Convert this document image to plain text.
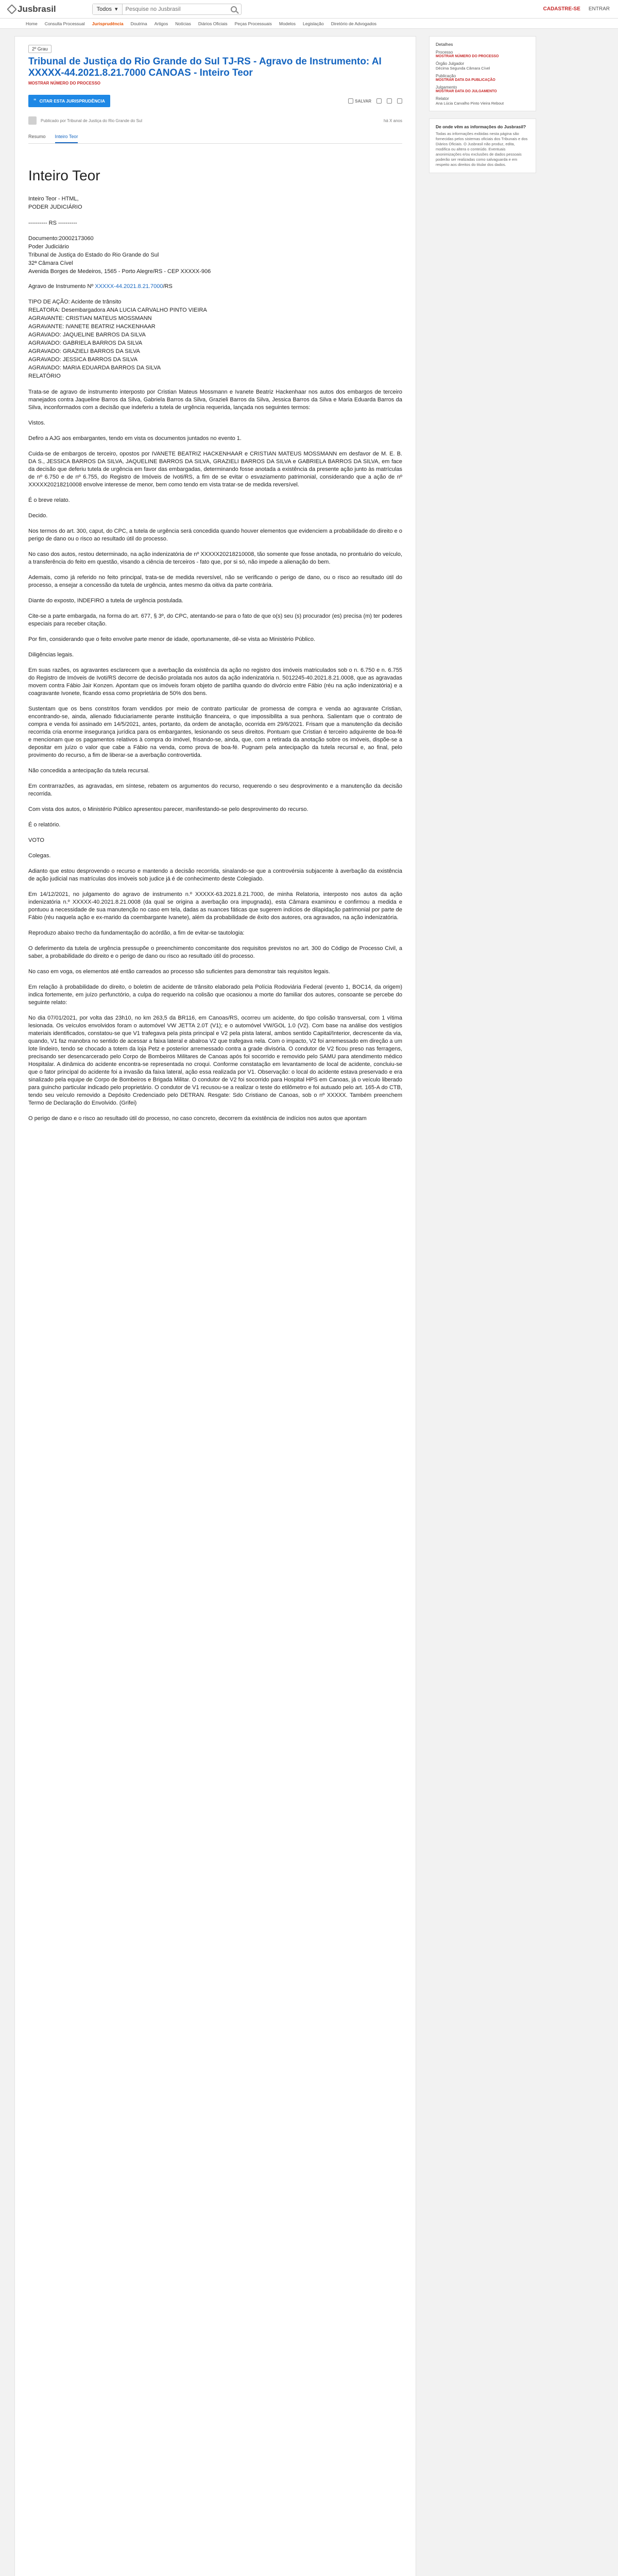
Jusbrasil	Todos ▾
Pesquise no Jusbrasil	CADASTRE-SE ENTRAR
Home Consulta Processual Jurisprudência Doutrina Artigos Notícias Diários Oficiais Peças Processuais Modelos Legislação Diretório de Advogados
2º Grau
Tribunal de Justiça do Rio Grande do Sul TJ-RS - Agravo de Instrumento: AI XXXXX-44.2021.8.21.7000 CANOAS - Inteiro Teor
MOSTRAR NÚMERO DO PROCESSO
“ CITAR ESTA JURISPRUDÊNCIA	SALVAR
Publicado por Tribunal de Justiça do Rio Grande do Sul	há X anos
Resumo Inteiro Teor
Inteiro Teor

Inteiro Teor - HTML,

PODER JUDICIÁRIO

---------- RS ----------

Documento:20002173060

Poder Judiciário

Tribunal de Justiça do Estado do Rio Grande do Sul

32ª Câmara Cível

Avenida Borges de Medeiros, 1565 - Porto Alegre/RS - CEP XXXXX-906

Agravo de Instrumento Nº XXXXX-44.2021.8.21.7000/RS

TIPO DE AÇÃO: Acidente de trânsito

RELATORA: Desembargadora ANA LUCIA CARVALHO PINTO VIEIRA

AGRAVANTE: CRISTIAN MATEUS MOSSMANN

AGRAVANTE: IVANETE BEATRIZ HACKENHAAR

AGRAVADO: JAQUELINE BARROS DA SILVA

AGRAVADO: GABRIELA BARROS DA SILVA

AGRAVADO: GRAZIELI BARROS DA SILVA

AGRAVADO: JESSICA BARROS DA SILVA

AGRAVADO: MARIA EDUARDA BARROS DA SILVA

RELATÓRIO

Trata-se de agravo de instrumento interposto por Cristian Mateus Mossmann e Ivanete Beatriz Hackenhaar nos autos dos embargos de terceiro manejados contra Jaqueline Barros da Silva, Gabriela Barros da Silva, Grazieli Barros da Silva, Jessica Barros da Silva e Maria Eduarda Barros da Silva, inconformados com a decisão que indeferiu a tutela de urgência requerida, lançada nos seguintes termos:

Vistos.

Defiro a AJG aos embargantes, tendo em vista os documentos juntados no evento 1.

Cuida-se de embargos de terceiro, opostos por IVANETE BEATRIZ HACKENHAAR e CRISTIAN MATEUS MOSSMANN em desfavor de M. E. B. DA S., JESSICA BARROS DA SILVA, JAQUELINE BARROS DA SILVA, GRAZIELI BARROS DA SILVA e GABRIELA BARROS DA SILVA, em face da decisão que deferiu tutela de urgência em favor das embargadas, determinando fosse anotada a existência da presente ação junto às matrículas de nº 6.750 e de nº 6.755, do Registro de Imóveis de Ivoti/RS, a fim de se evitar o esvaziamento patrimonial, considerando que a ação de nº XXXXX20218210008 envolve interesse de menor, bem como tendo em vista tratar-se de medida reversível.

É o breve relato.

Decido.

Nos termos do art. 300, caput, do CPC, a tutela de urgência será concedida quando houver elementos que evidenciem a probabilidade do direito e o perigo de dano ou o risco ao resultado útil do processo.

No caso dos autos, restou determinado, na ação indenizatória de nº XXXXX20218210008, tão somente que fosse anotada, no prontuário do veículo, a transferência do feito em questão, visando a ciência de terceiros - fato que, por si só, não impede a alienação do bem.

Ademais, como já referido no feito principal, trata-se de medida reversível, não se verificando o perigo de dano, ou o risco ao resultado útil do processo, a ensejar a concessão da tutela de urgência, antes mesmo da oitiva da parte contrária.

Diante do exposto, INDEFIRO a tutela de urgência postulada.

Cite-se a parte embargada, na forma do art. 677, § 3º, do CPC, atentando-se para o fato de que o(s) seu (s) procurador (es) precisa (m) ter poderes especiais para receber citação.

Por fim, considerando que o feito envolve parte menor de idade, oportunamente, dê-se vista ao Ministério Público.

Diligências legais.

Em suas razões, os agravantes esclarecem que a averbação da existência da ação no registro dos imóveis matriculados sob o n. 6.750 e n. 6.755 do Registro de Imóveis de Ivoti/RS decorre de decisão prolatada nos autos da ação indenizatória n. 5012245-40.2021.8.21.0008, que as agravadas movem contra Fábio Jair Konzen. Apontam que os imóveis foram objeto de partilha quando do divórcio entre Fábio (réu na ação indenizatória) e a coagravante Ivonete, ficando essa como proprietária de 50% dos bens.

Sustentam que os bens constritos foram vendidos por meio de contrato particular de promessa de compra e venda ao agravante Cristian, encontrando-se, ainda, alienado fiduciariamente perante instituição financeira, o que impossibilita a sua penhora. Salientam que o contrato de compra e venda foi assinado em 14/5/2021, antes, portanto, da ordem de anotação, ocorrida em 29/6/2021. Frisam que a manutenção da decisão recorrida cria enorme insegurança jurídica para os embargantes, lesionando os seus direitos. Pontuam que Cristian é terceiro adquirente de boa-fé e mencionam que os pagamentos relativos à compra do imóvel, frisando-se, ainda, que, com a retirada da anotação sobre os imóveis, dispõe-se a depositar em juízo o valor que cabe a Fábio na venda, como prova de boa-fé. Pugnam pela antecipação da tutela recursal e, ao final, pelo provimento do recurso, a fim de liberar-se a averbação controvertida.

Não concedida a antecipação da tutela recursal.

Em contrarrazões, as agravadas, em síntese, rebatem os argumentos do recurso, requerendo o seu desprovimento e a manutenção da decisão recorrida.

Com vista dos autos, o Ministério Público apresentou parecer, manifestando-se pelo desprovimento do recurso.

É o relatório.

VOTO

Colegas.

Adianto que estou desprovendo o recurso e mantendo a decisão recorrida, sinalando-se que a controvérsia subjacente à averbação da existência de ação judicial nas matrículas dos imóveis sob judice já é de conhecimento deste Colegiado.

Em 14/12/2021, no julgamento do agravo de instrumento n.º XXXXX-63.2021.8.21.7000, de minha Relatoria, interposto nos autos da ação indenizatória n.º XXXXX-40.2021.8.21.0008 (da qual se origina a averbação ora impugnada), esta Câmara examinou e confirmou a medida e pontuou a necessidade de sua manutenção no caso em tela, dadas as nuances fáticas que sugerem indícios de dilapidação patrimonial por parte de Fábio (réu naquela ação e ex-marido da coembargante Ivanete), além da probabilidade de êxito dos autores, ora agravados, na ação indenizatória.

Reproduzo abaixo trecho da fundamentação do acórdão, a fim de evitar-se tautologia:

O deferimento da tutela de urgência pressupõe o preenchimento concomitante dos requisitos previstos no art. 300 do Código de Processo Civil, a saber, a probabilidade do direito e o perigo de dano ou risco ao resultado útil do processo.

No caso em voga, os elementos até então carreados ao processo são suficientes para demonstrar tais requisitos legais.

Em relação à probabilidade do direito, o boletim de acidente de trânsito elaborado pela Polícia Rodoviária Federal (evento 1, BOC14, da origem) indica fortemente, em juízo perfunctório, a culpa do requerido na colisão que ocasionou a morte do familiar dos autores, consoante se percebe do seguinte relato:

No dia 07/01/2021, por volta das 23h10, no km 263,5 da BR116, em Canoas/RS, ocorreu um acidente, do tipo colisão transversal, com 1 vítima lesionada. Os veículos envolvidos foram o automóvel VW JETTA 2.0T (V1); e o automóvel VW/GOL 1.0 (V2). Com base na análise dos vestígios materiais identificados, constatou-se que V1 trafegava pela pista principal e V2 pela pista lateral, ambos sentido Capital/Interior, decrescente da via, quando, V1 faz manobra no sentido de acessar a faixa lateral e abalroa V2 que trafegava nela. Com o impacto, V2 foi arremessado em direção a um lote lindeiro, tendo se chocado a totem da loja Petz e posterior arremessado contra a grade divisória. O condutor de V2 ficou preso nas ferragens, precisando ser desencarcerado pelo Corpo de Bombeiros Militares de Canoas após foi socorrido e removido pelo SAMU para atendimento médico Hospitalar. A dinâmica do acidente encontra-se representada no croqui. Conforme constatação em levantamento de local de acidente, concluiu-se que o fator principal do acidente foi a invasão da faixa lateral, ação essa realizada por V1. Observação: o local do acidente estava preservado e era sinalizado pela equipe de Corpo de Bombeiros e Brigada Militar. O condutor de V2 foi socorrido para Hospital HPS em Canoas, já o veículo liberado para guincho particular indicado pelo proprietário. O condutor de V1 recusou-se a realizar o teste do etilômetro e foi autuado pelo art. 165-A do CTB, tendo seu veículo removido a Depósito Credenciado pelo DETRAN. Resgate: Sdo Cristiano de Canoas, sob o nº XXXXX. Também preenchem Termo de Declaração do Envolvido. (Grifei)

O perigo de dano e o risco ao resultado útil do processo, no caso concreto, decorrem da existência de indícios nos autos que apontam

Detalhes
Processo
MOSTRAR NÚMERO DO PROCESSO
Órgão Julgador
Décima Segunda Câmara Cível
Publicação
MOSTRAR DATA DA PUBLICAÇÃO
Julgamento
MOSTRAR DATA DO JULGAMENTO
Relator
Ana Lúcia Carvalho Pinto Vieira Rebout
De onde vêm as informações do Jusbrasil?
Todas as informações exibidas nesta página são fornecidas pelos sistemas oficiais dos Tribunais e dos Diários Oficiais. O Jusbrasil não produz, edita, modifica ou altera o conteúdo. Eventuais anonimizações e/ou exclusões de dados pessoais poderão ser realizadas como salvaguarda e em respeito aos direitos do titular dos dados.
